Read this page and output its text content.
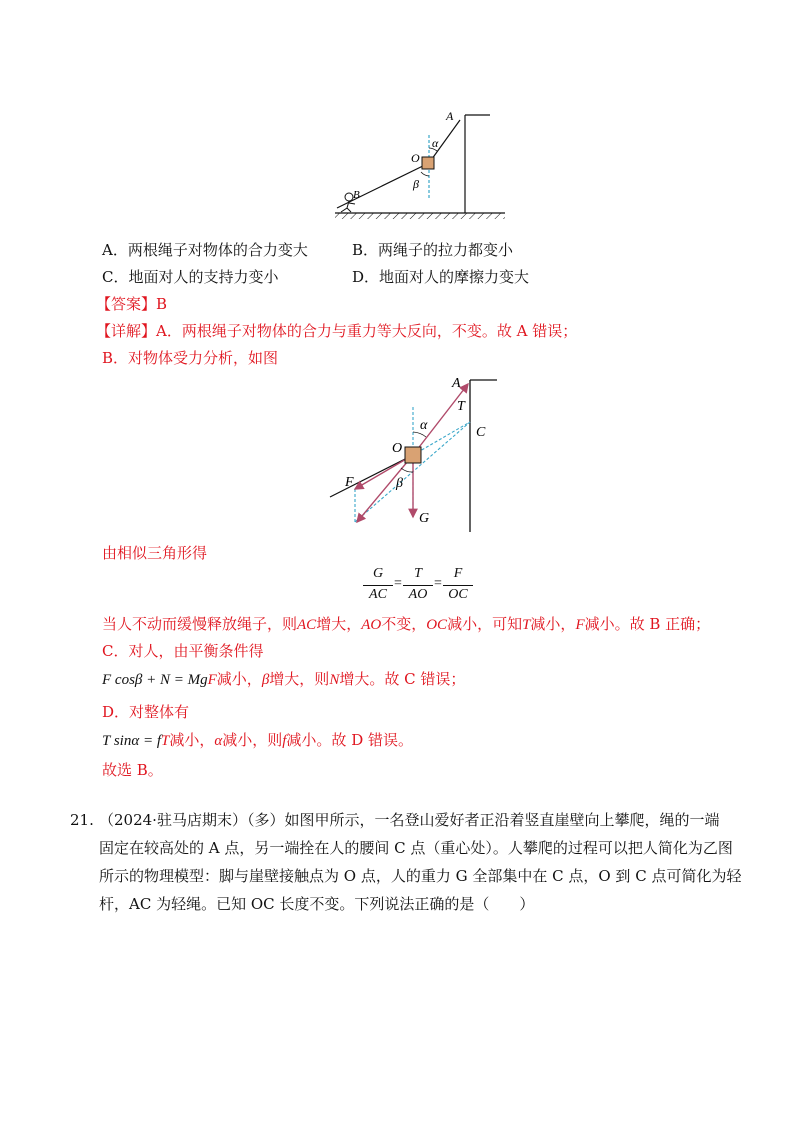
A
α
O
β
B
A．两根绳子对物体的合力变大	B．两绳子的拉力都变小
C．地面对人的支持力变小	D．地面对人的摩擦力变大
【答案】B
【详解】A．两根绳子对物体的合力与重力等大反向，不变。故 A 错误；
B．对物体受力分析，如图
A
T
C
α
O
β
F
G
由相似三角形得
G
AC
=
T
AO
=
F
OC
当人不动而缓慢释放绳子，则AC增大，AO不变，OC减小，可知T减小，F减小。故 B 正确；
C．对人，由平衡条件得
F cosβ + N = MgF减小，β增大，则N增大。故 C 错误；
D．对整体有
T sinα = fT减小，α减小，则f减小。故 D 错误。
故选 B。
21. （2024·驻马店期末）（多）如图甲所示，一名登山爱好者正沿着竖直崖壁向上攀爬，绳的一端
固定在较高处的 A 点，另一端拴在人的腰间 C 点（重心处）。人攀爬的过程可以把人简化为乙图
所示的物理模型：脚与崖壁接触点为 O 点，人的重力 G 全部集中在 C 点，O 到 C 点可简化为轻
杆，AC 为轻绳。已知 OC 长度不变。下列说法正确的是（　　）
